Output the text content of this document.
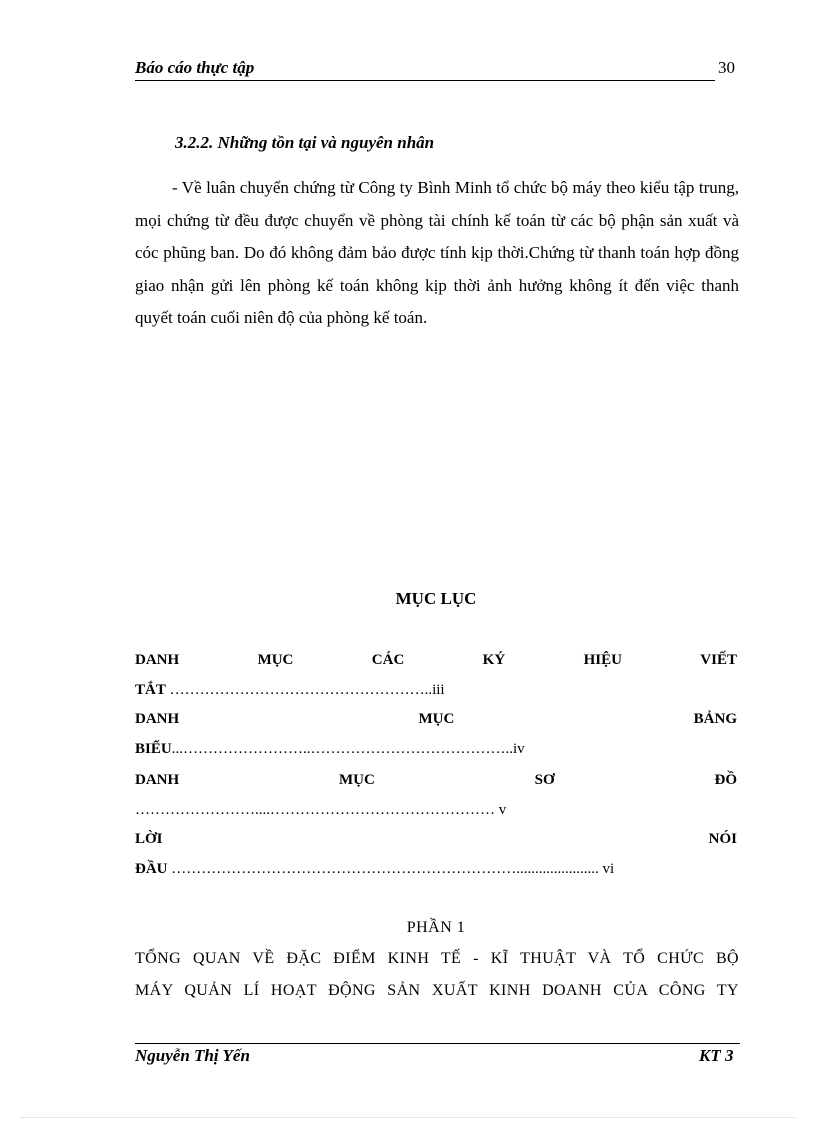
Báo cáo thực tập	30
3.2.2. Những tồn tại và nguyên nhân
- Về luân chuyển chứng từ Công ty Bình Minh tổ chức bộ máy theo kiểu tập trung, mọi chứng từ đều được chuyển về phòng tài chính kế toán từ các bộ phận sản xuất và cóc phũng ban. Do đó không đảm bảo được tính kịp thời.Chứng từ thanh toán hợp đồng giao nhận gửi lên phòng kế toán không kịp thời ảnh hưởng không ít đến việc thanh quyết toán cuối niên độ của phòng kế toán.
MỤC LỤC
DANH	MỤC	CÁC	KÝ	HIỆU	VIẾT
TẮT ……………………………………………..iii
DANH	MỤC	BẢNG
BIỂU...……………………..…………………………………..iv
DANH	MỤC	SƠ	ĐỒ
……………………....……………………………………… v
LỜI	NÓI
ĐẦU ……………………………………………………………...................... vi
PHẦN 1
TỔNG QUAN VỀ ĐẶC ĐIỂM KINH TẾ - KĨ THUẬT VÀ TỔ CHỨC BỘ
MÁY QUẢN LÍ HOẠT ĐỘNG SẢN XUẤT KINH DOANH CỦA CÔNG TY
Nguyễn Thị Yến	KT 3
